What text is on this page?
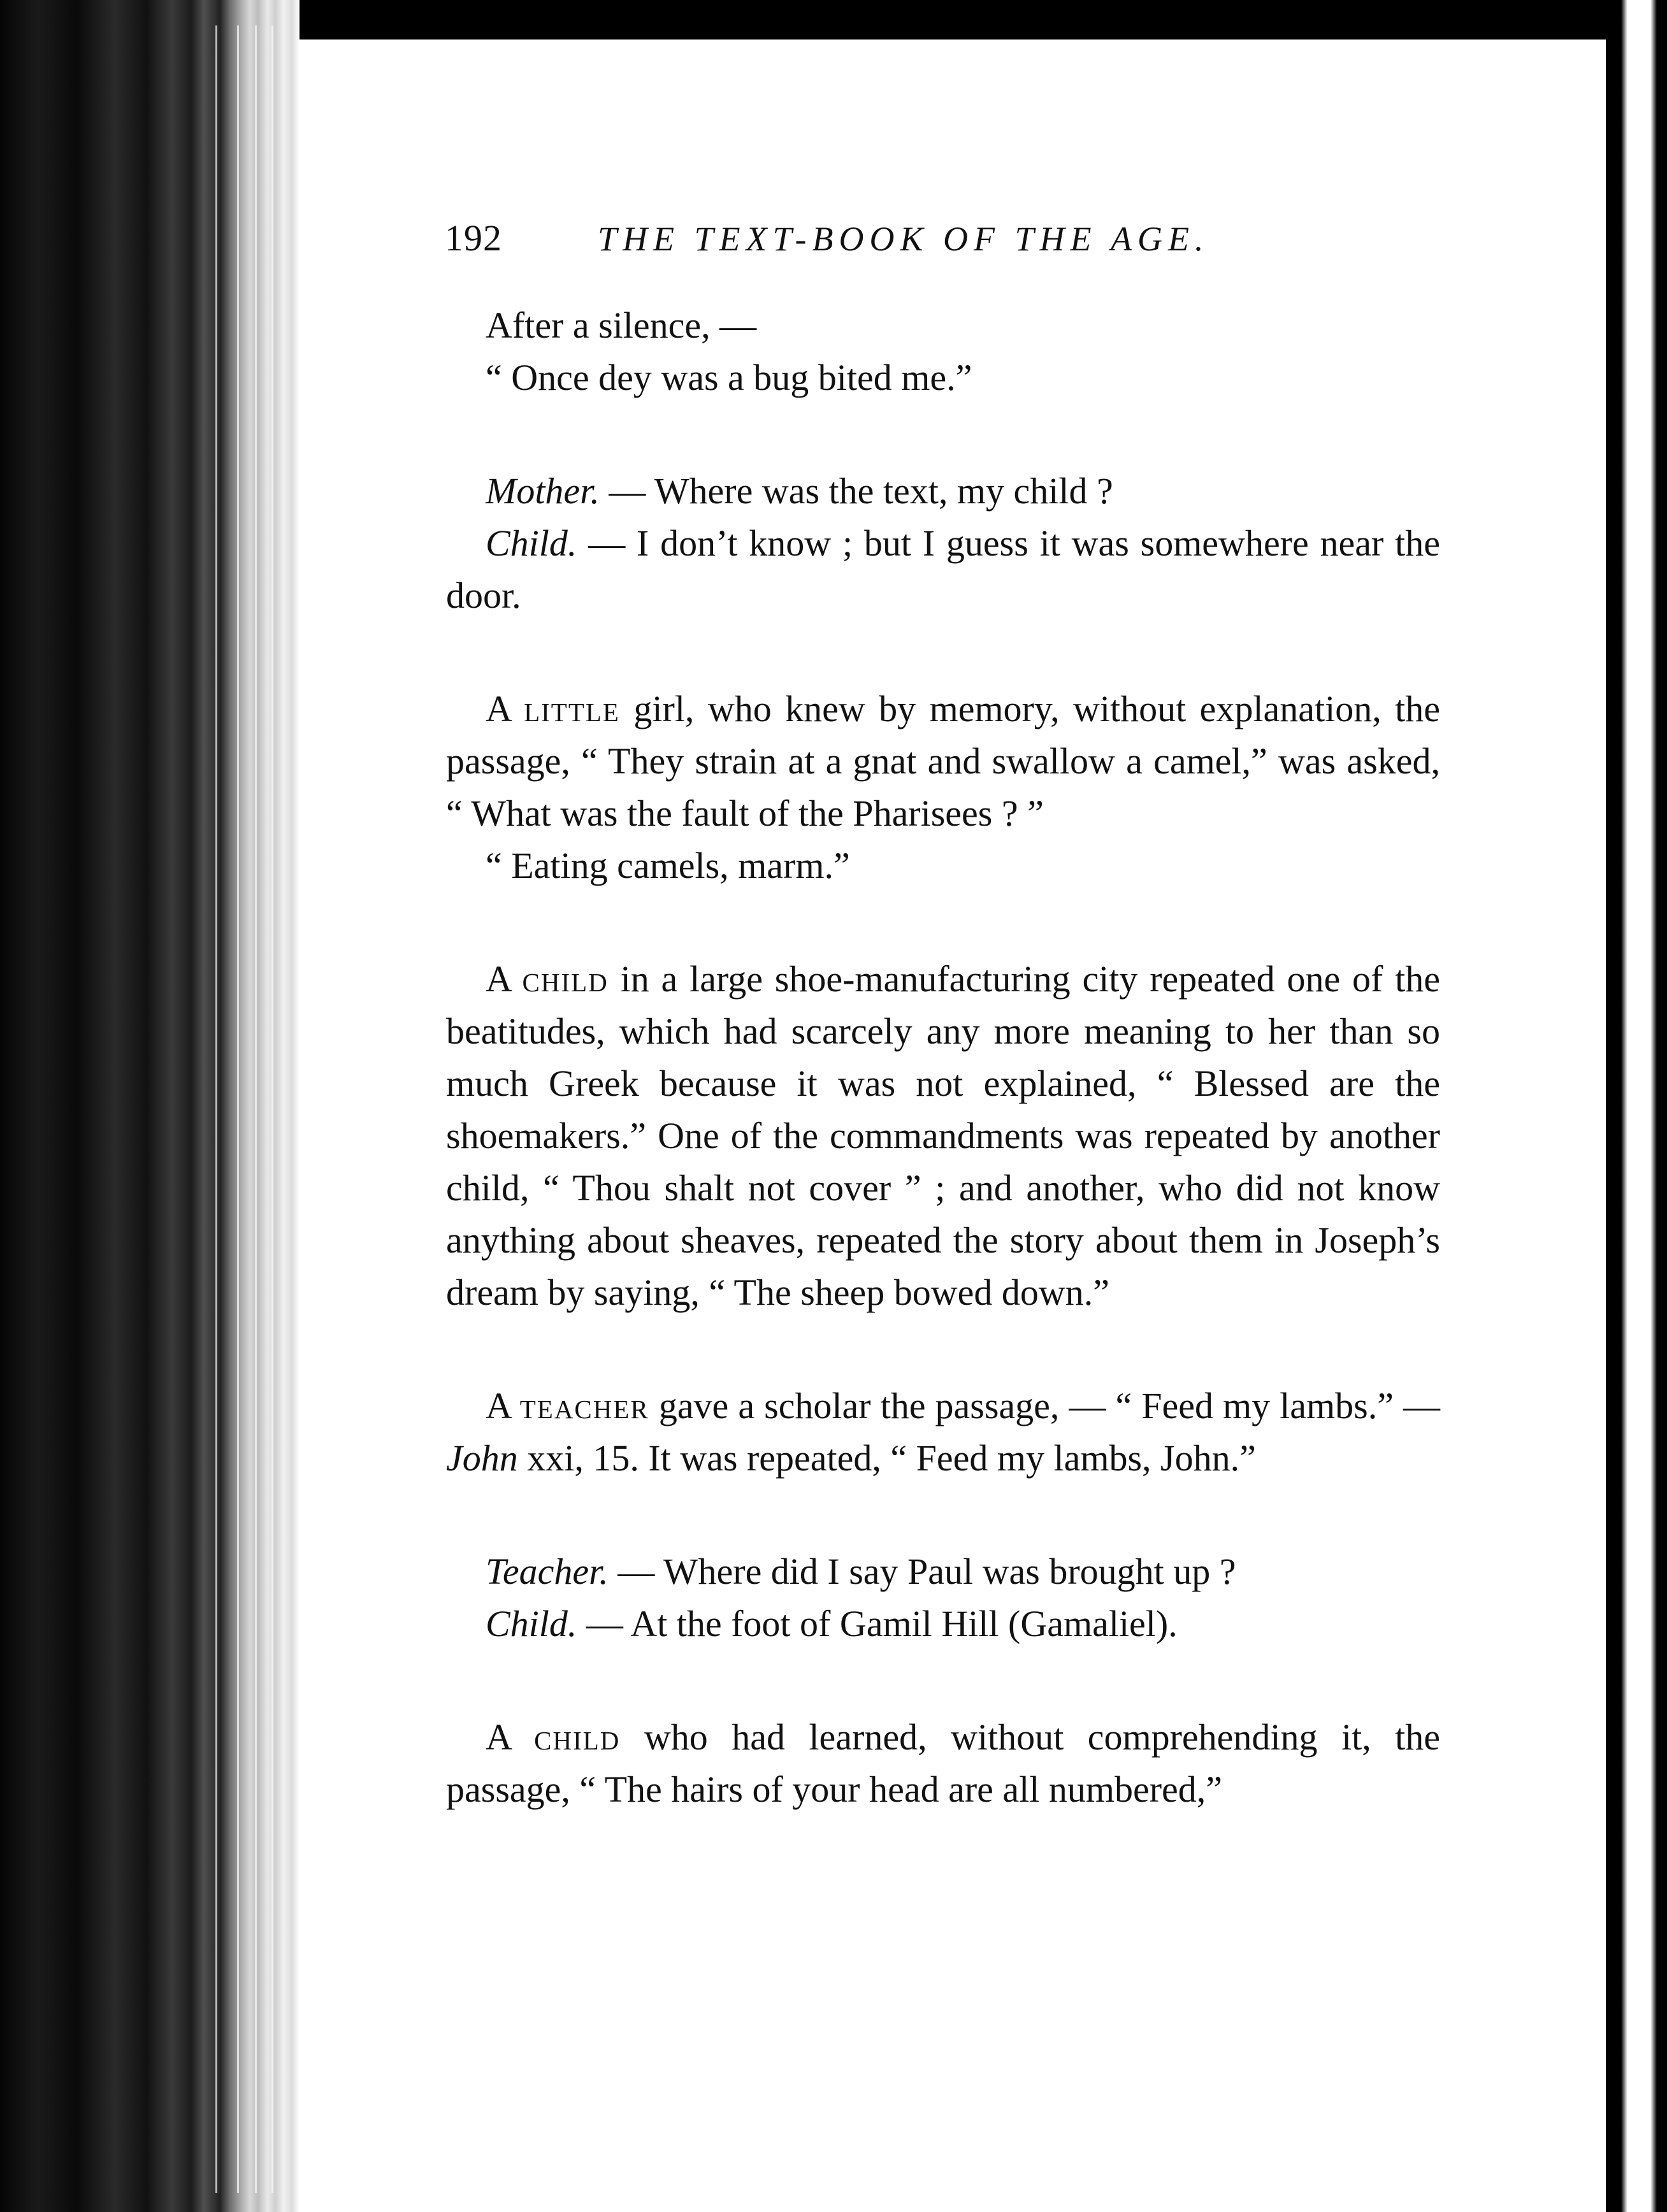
192	THE TEXT-BOOK OF THE AGE.

After a silence, —
“ Once dey was a bug bited me.”

Mother. — Where was the text, my child ?

Child. — I don’t know ; but I guess it was somewhere near the door.

A little girl, who knew by memory, without explanation, the passage, “ They strain at a gnat and swallow a camel,” was asked, “ What was the fault of the Pharisees ? ”

“ Eating camels, marm.”

A child in a large shoe-manufacturing city repeated one of the beatitudes, which had scarcely any more meaning to her than so much Greek because it was not explained, “ Blessed are the shoemakers.” One of the commandments was repeated by another child, “ Thou shalt not cover ” ; and another, who did not know anything about sheaves, repeated the story about them in Joseph’s dream by saying, “ The sheep bowed down.”

A teacher gave a scholar the passage, — “ Feed my lambs.” — John xxi, 15. It was repeated, “ Feed my lambs, John.”

Teacher. — Where did I say Paul was brought up ?

Child. — At the foot of Gamil Hill (Gamaliel).

A child who had learned, without comprehending it, the passage, “ The hairs of your head are all numbered,”
